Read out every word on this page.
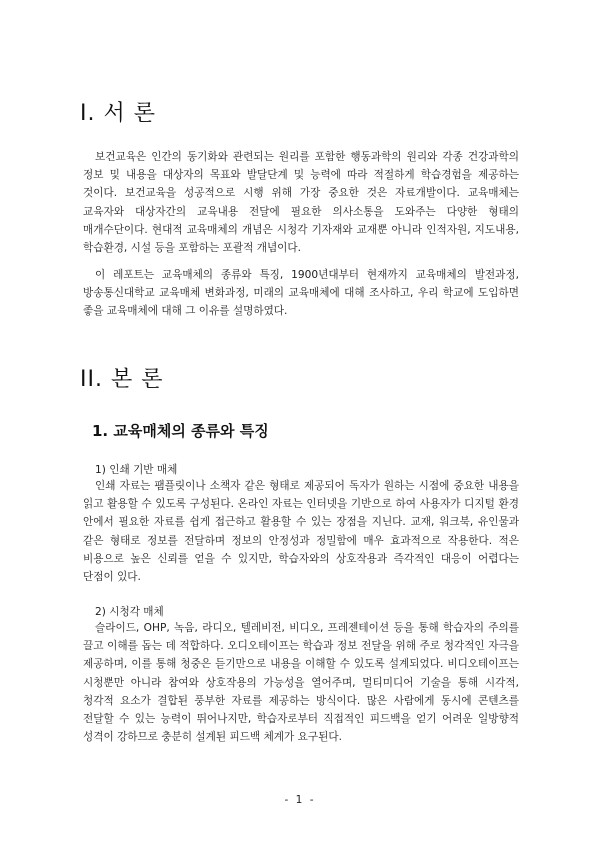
I. 서 론

보건교육은 인간의 동기화와 관련되는 원리를 포함한 행동과학의 원리와 각종 건강과학의 정보 및 내용을 대상자의 목표와 발달단계 및 능력에 따라 적절하게 학습경험을 제공하는 것이다. 보건교육을 성공적으로 시행 위해 가장 중요한 것은 자료개발이다. 교육매체는 교육자와 대상자간의 교육내용 전달에 필요한 의사소통을 도와주는 다양한 형태의 매개수단이다. 현대적 교육매체의 개념은 시청각 기자재와 교재뿐 아니라 인적자원, 지도내용, 학습환경, 시설 등을 포함하는 포괄적 개념이다.

이 레포트는 교육매체의 종류와 특징, 1900년대부터 현재까지 교육매체의 발전과정, 방송통신대학교 교육매체 변화과정, 미래의 교육매체에 대해 조사하고, 우리 학교에 도입하면 좋을 교육매체에 대해 그 이유를 설명하였다.

II. 본 론
1. 교육매체의 종류와 특징

1) 인쇄 기반 매체

인쇄 자료는 팸플릿이나 소책자 같은 형태로 제공되어 독자가 원하는 시점에 중요한 내용을 읽고 활용할 수 있도록 구성된다. 온라인 자료는 인터넷을 기반으로 하여 사용자가 디지털 환경 안에서 필요한 자료를 쉽게 접근하고 활용할 수 있는 장점을 지닌다. 교재, 워크북, 유인물과 같은 형태로 정보를 전달하며 정보의 안정성과 정밀함에 매우 효과적으로 작용한다. 적은 비용으로 높은 신뢰를 얻을 수 있지만, 학습자와의 상호작용과 즉각적인 대응이 어렵다는 단점이 있다.

2) 시청각 매체

슬라이드, OHP, 녹음, 라디오, 텔레비전, 비디오, 프레젠테이션 등을 통해 학습자의 주의를 끌고 이해를 돕는 데 적합하다. 오디오테이프는 학습과 정보 전달을 위해 주로 청각적인 자극을 제공하며, 이를 통해 청중은 듣기만으로 내용을 이해할 수 있도록 설계되었다. 비디오테이프는 시청뿐만 아니라 참여와 상호작용의 가능성을 열어주며, 멀티미디어 기술을 통해 시각적, 청각적 요소가 결합된 풍부한 자료를 제공하는 방식이다. 많은 사람에게 동시에 콘텐츠를 전달할 수 있는 능력이 뛰어나지만, 학습자로부터 직접적인 피드백을 얻기 어려운 일방향적 성격이 강하므로 충분히 설계된 피드백 체계가 요구된다.

- 1 -
